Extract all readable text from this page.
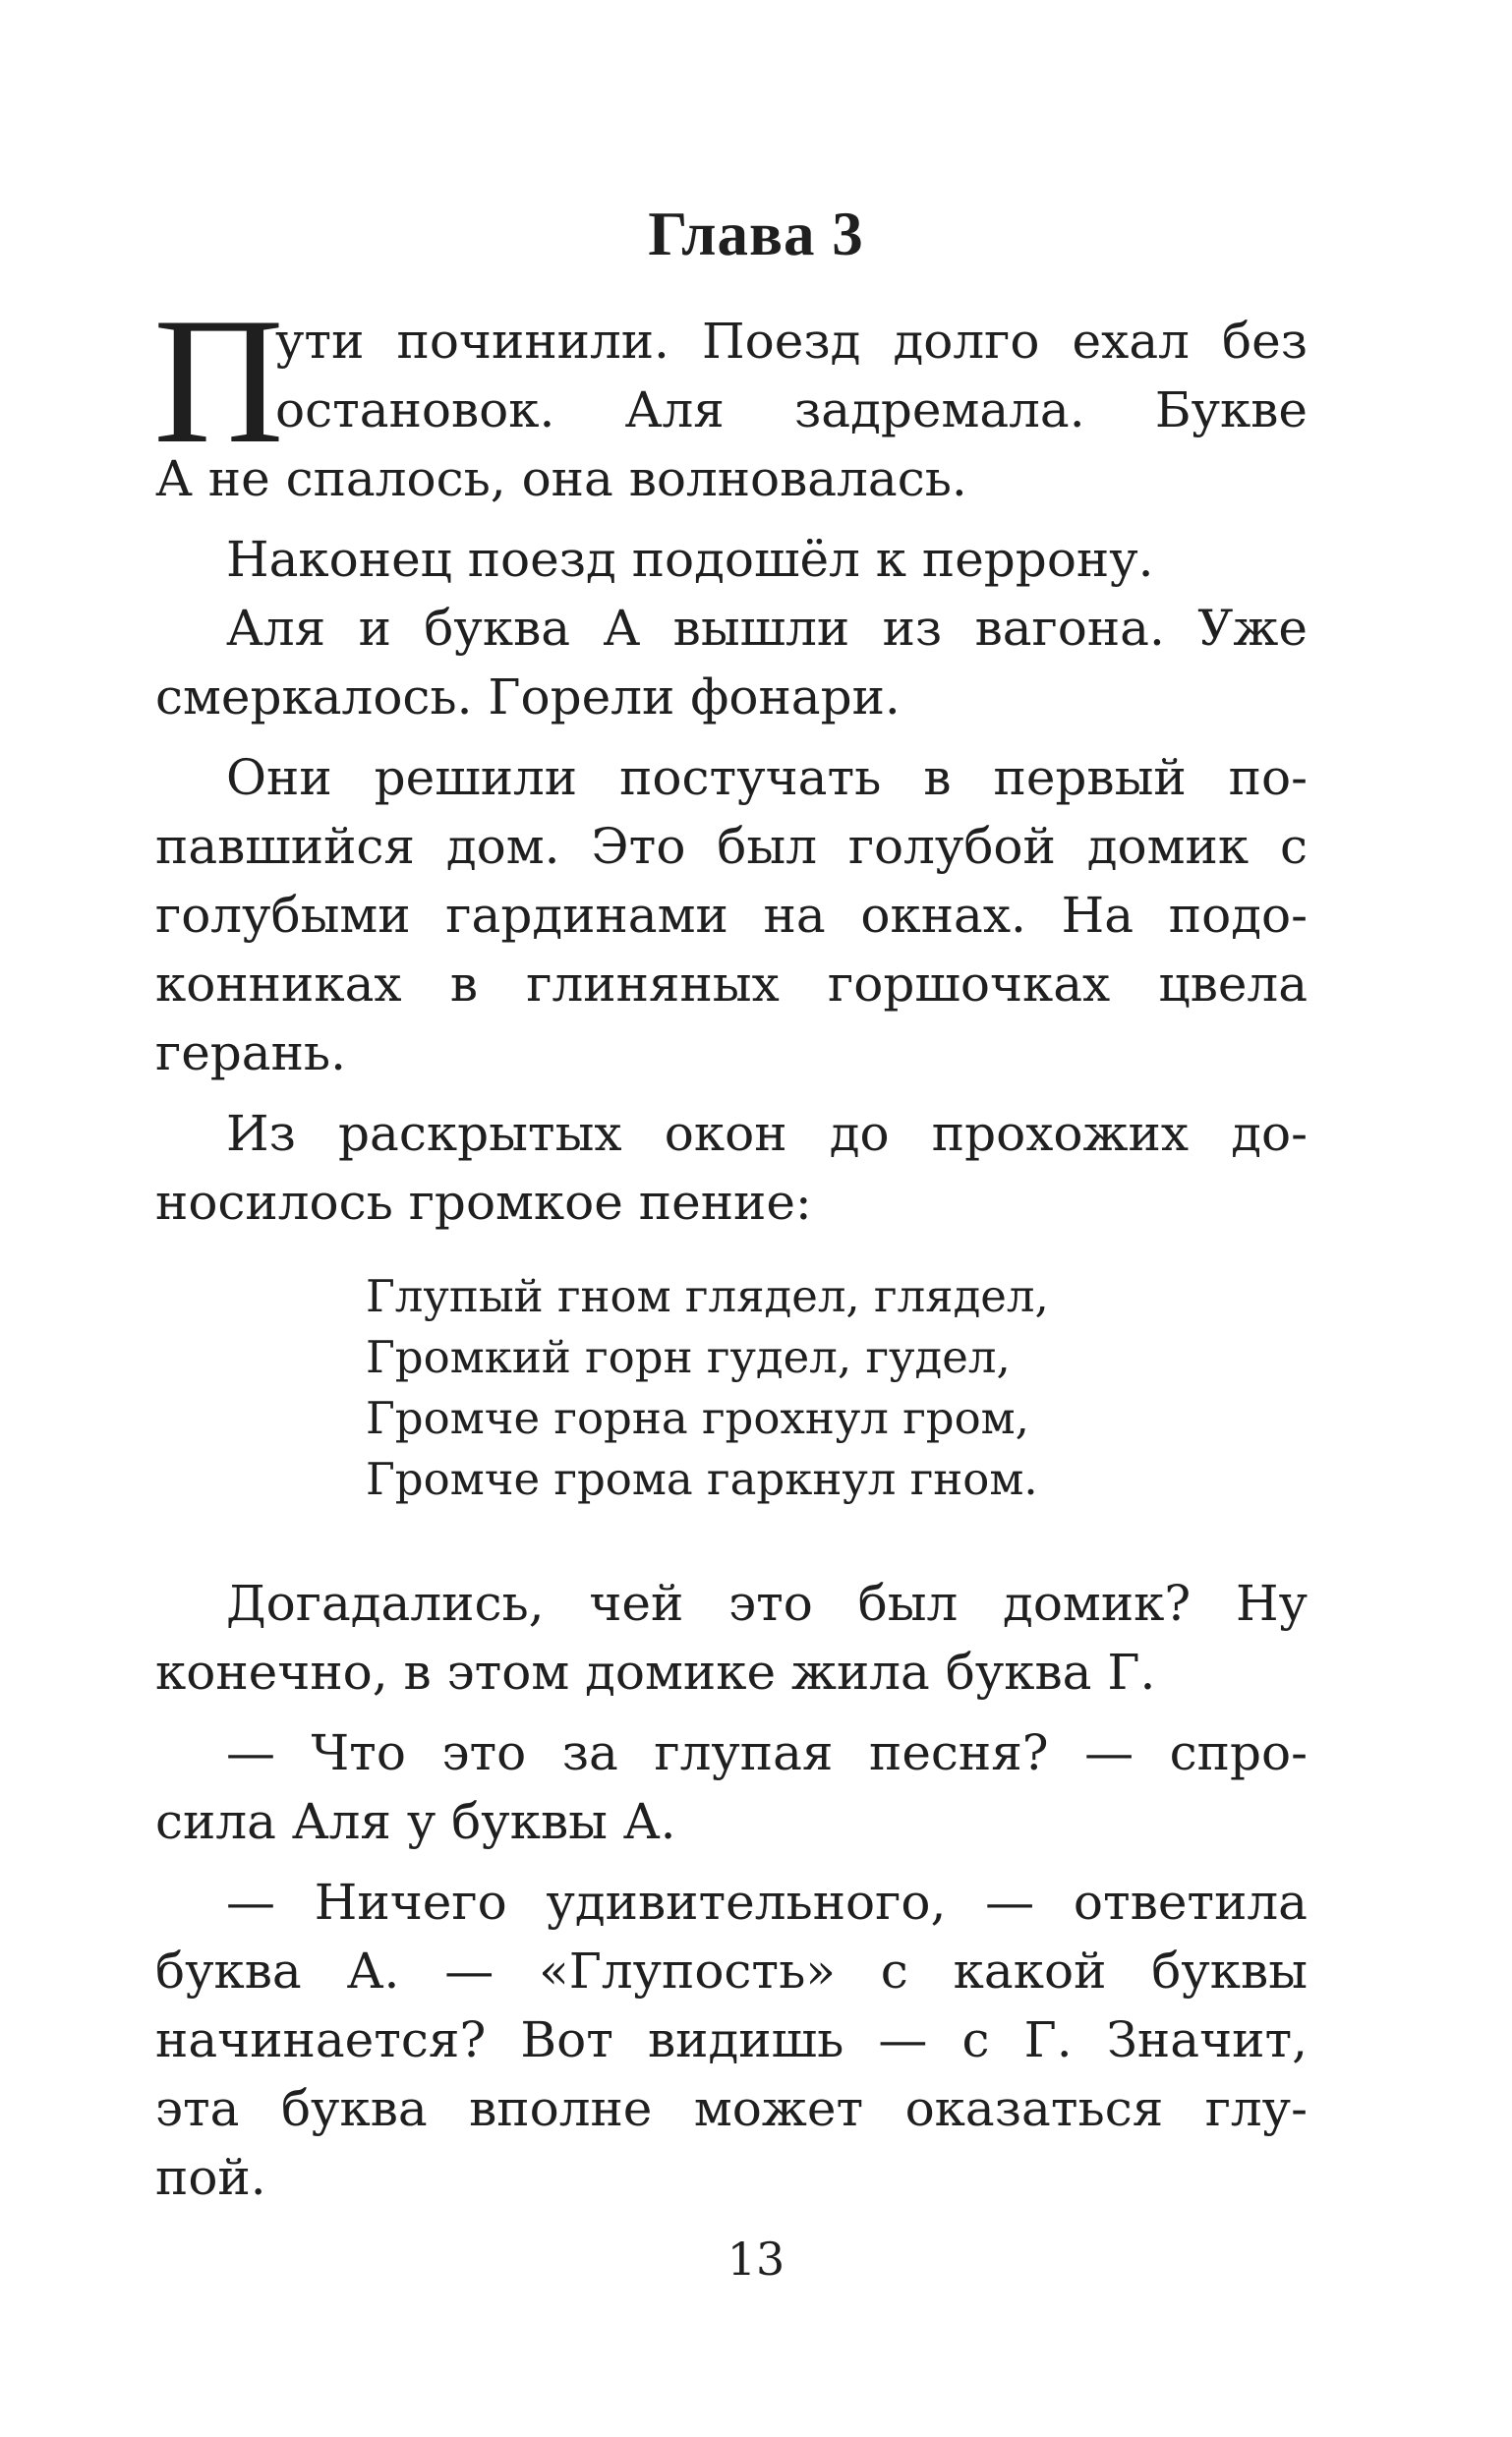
Глава 3
П
ути починили. Поезд долго ехал без
остановок. Аля задремала. Букве
А не спалось, она волновалась.
Наконец поезд подошёл к перрону.
Аля и буква А вышли из вагона. Уже
смеркалось. Горели фонари.
Они решили постучать в первый по-
павшийся дом. Это был голубой домик с
голубыми гардинами на окнах. На подо-
конниках в глиняных горшочках цвела
герань.
Из раскрытых окон до прохожих до-
носилось громкое пение:
Глупый гном глядел, глядел,
Громкий горн гудел, гудел,
Громче горна грохнул гром,
Громче грома гаркнул гном.
Догадались, чей это был домик? Ну
конечно, в этом домике жила буква Г.
— Что это за глупая песня? — спро-
сила Аля у буквы А.
— Ничего удивительного, — ответила
буква А. — «Глупость» с какой буквы
начинается? Вот видишь — с Г. Значит,
эта буква вполне может оказаться глу-
пой.
13
